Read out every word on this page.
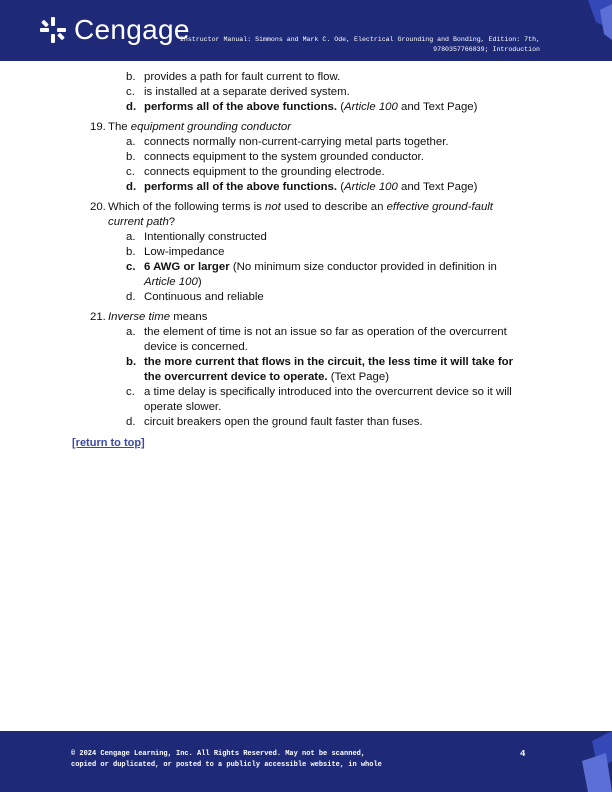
Cengage
Instructor Manual: Simmons and Mark C. Ode, Electrical Grounding and Bonding, Edition: 7th,
9780357766839; Introduction
b. provides a path for fault current to flow.
c. is installed at a separate derived system.
d. performs all of the above functions. (Article 100 and Text Page)
19. The equipment grounding conductor
a. connects normally non-current-carrying metal parts together.
b. connects equipment to the system grounded conductor.
c. connects equipment to the grounding electrode.
d. performs all of the above functions. (Article 100 and Text Page)
20. Which of the following terms is not used to describe an effective ground-fault current path?
a. Intentionally constructed
b. Low-impedance
c. 6 AWG or larger (No minimum size conductor provided in definition in Article 100)
d. Continuous and reliable
21. Inverse time means
a. the element of time is not an issue so far as operation of the overcurrent device is concerned.
b. the more current that flows in the circuit, the less time it will take for the overcurrent device to operate. (Text Page)
c. a time delay is specifically introduced into the overcurrent device so it will operate slower.
d. circuit breakers open the ground fault faster than fuses.
[return to top]
© 2024 Cengage Learning, Inc. All Rights Reserved. May not be scanned,
copied or duplicated, or posted to a publicly accessible website, in whole
4
